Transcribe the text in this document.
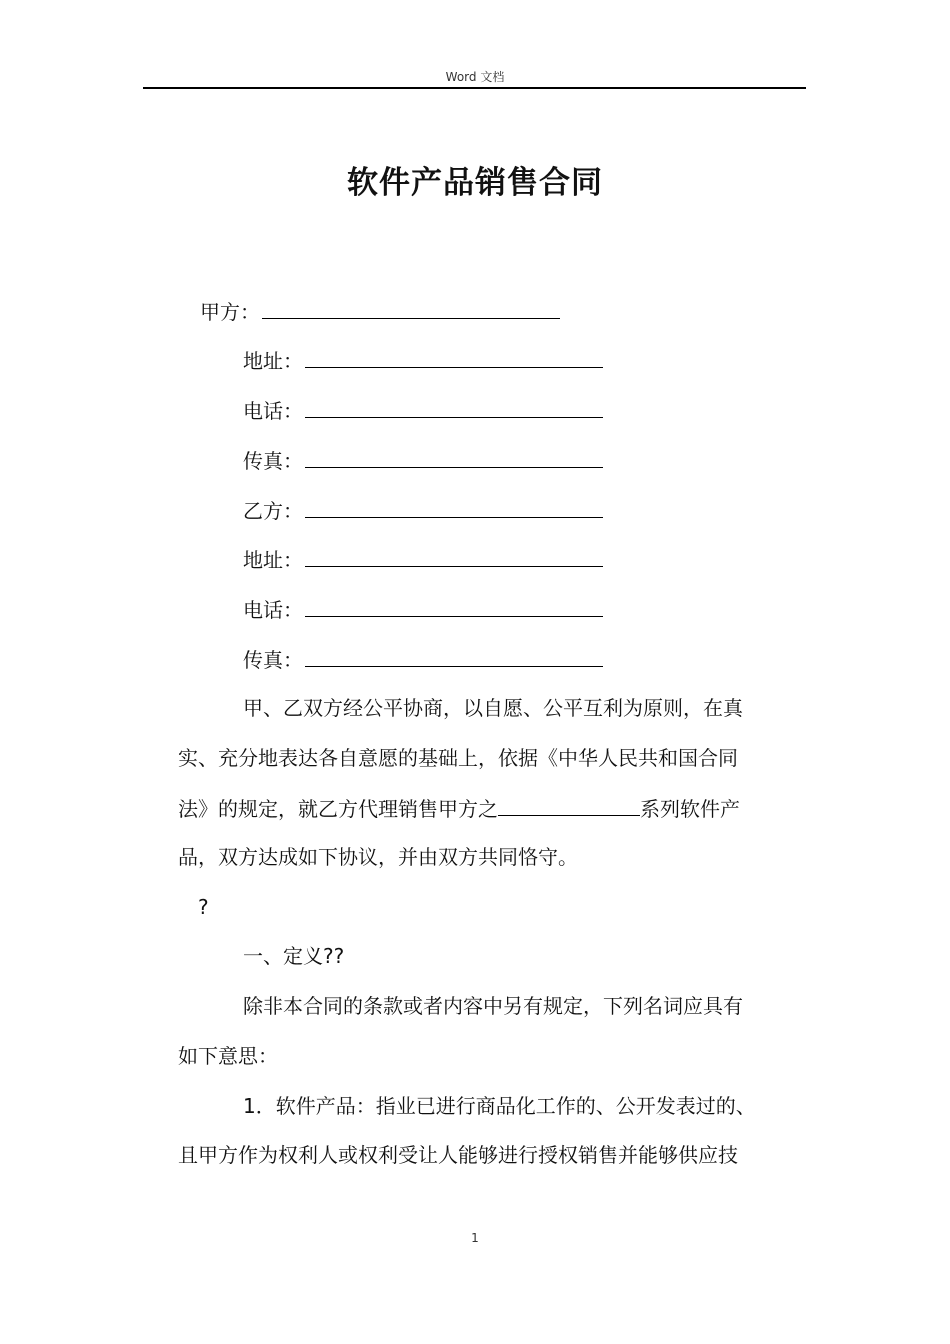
Word 文档
软件产品销售合同
甲方：
地址：
电话：
传真：
乙方：
地址：
电话：
传真：
甲、乙双方经公平协商，以自愿、公平互利为原则，在真
实、充分地表达各自意愿的基础上，依据《中华人民共和国合同
法》的规定，就乙方代理销售甲方之	系列软件产
品，双方达成如下协议，并由双方共同恪守。
?
一、定义??
除非本合同的条款或者内容中另有规定，下列名词应具有
如下意思：
1．软件产品：指业已进行商品化工作的、公开发表过的、
且甲方作为权利人或权利受让人能够进行授权销售并能够供应技
1
